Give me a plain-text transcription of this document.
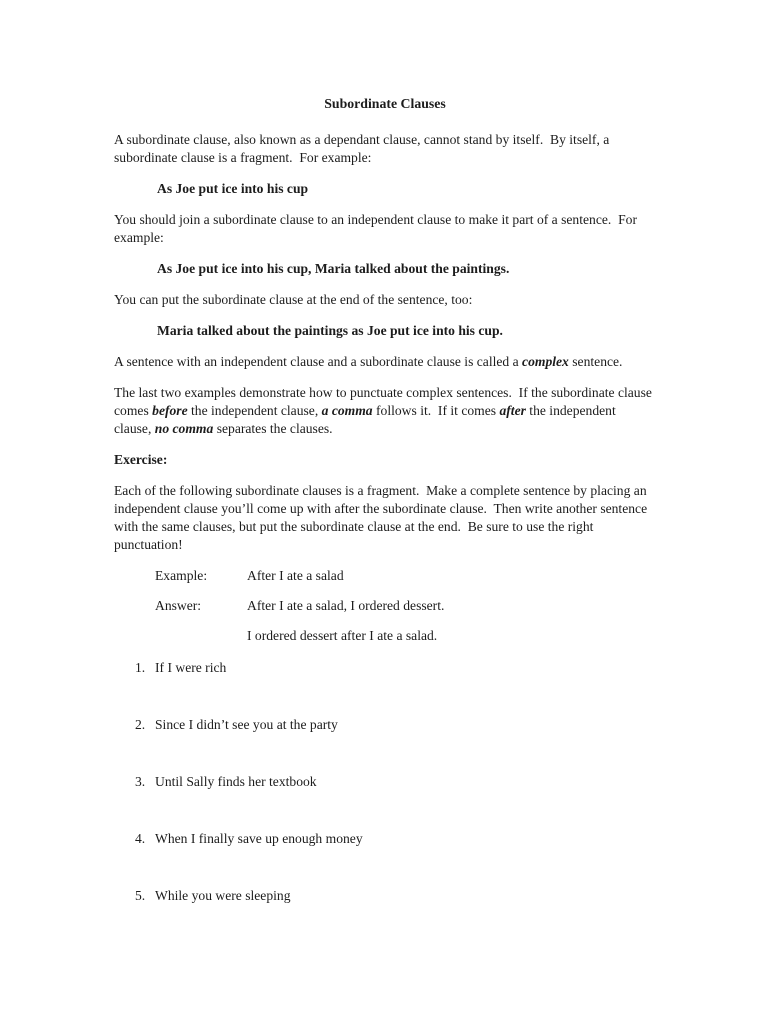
Subordinate Clauses

A subordinate clause, also known as a dependant clause, cannot stand by itself.  By itself, a subordinate clause is a fragment.  For example:

As Joe put ice into his cup

You should join a subordinate clause to an independent clause to make it part of a sentence.  For example:

As Joe put ice into his cup, Maria talked about the paintings.

You can put the subordinate clause at the end of the sentence, too:

Maria talked about the paintings as Joe put ice into his cup.

A sentence with an independent clause and a subordinate clause is called a complex sentence.

The last two examples demonstrate how to punctuate complex sentences.  If the subordinate clause comes before the independent clause, a comma follows it.  If it comes after the independent clause, no comma separates the clauses.

Exercise:

Each of the following subordinate clauses is a fragment.  Make a complete sentence by placing an independent clause you’ll come up with after the subordinate clause.  Then write another sentence with the same clauses, but put the subordinate clause at the end.  Be sure to use the right punctuation!

Example:	After I ate a salad
Answer:	After I ate a salad, I ordered dessert.
I ordered dessert after I ate a salad.
1. If I were rich
2. Since I didn’t see you at the party
3. Until Sally finds her textbook
4. When I finally save up enough money
5. While you were sleeping
